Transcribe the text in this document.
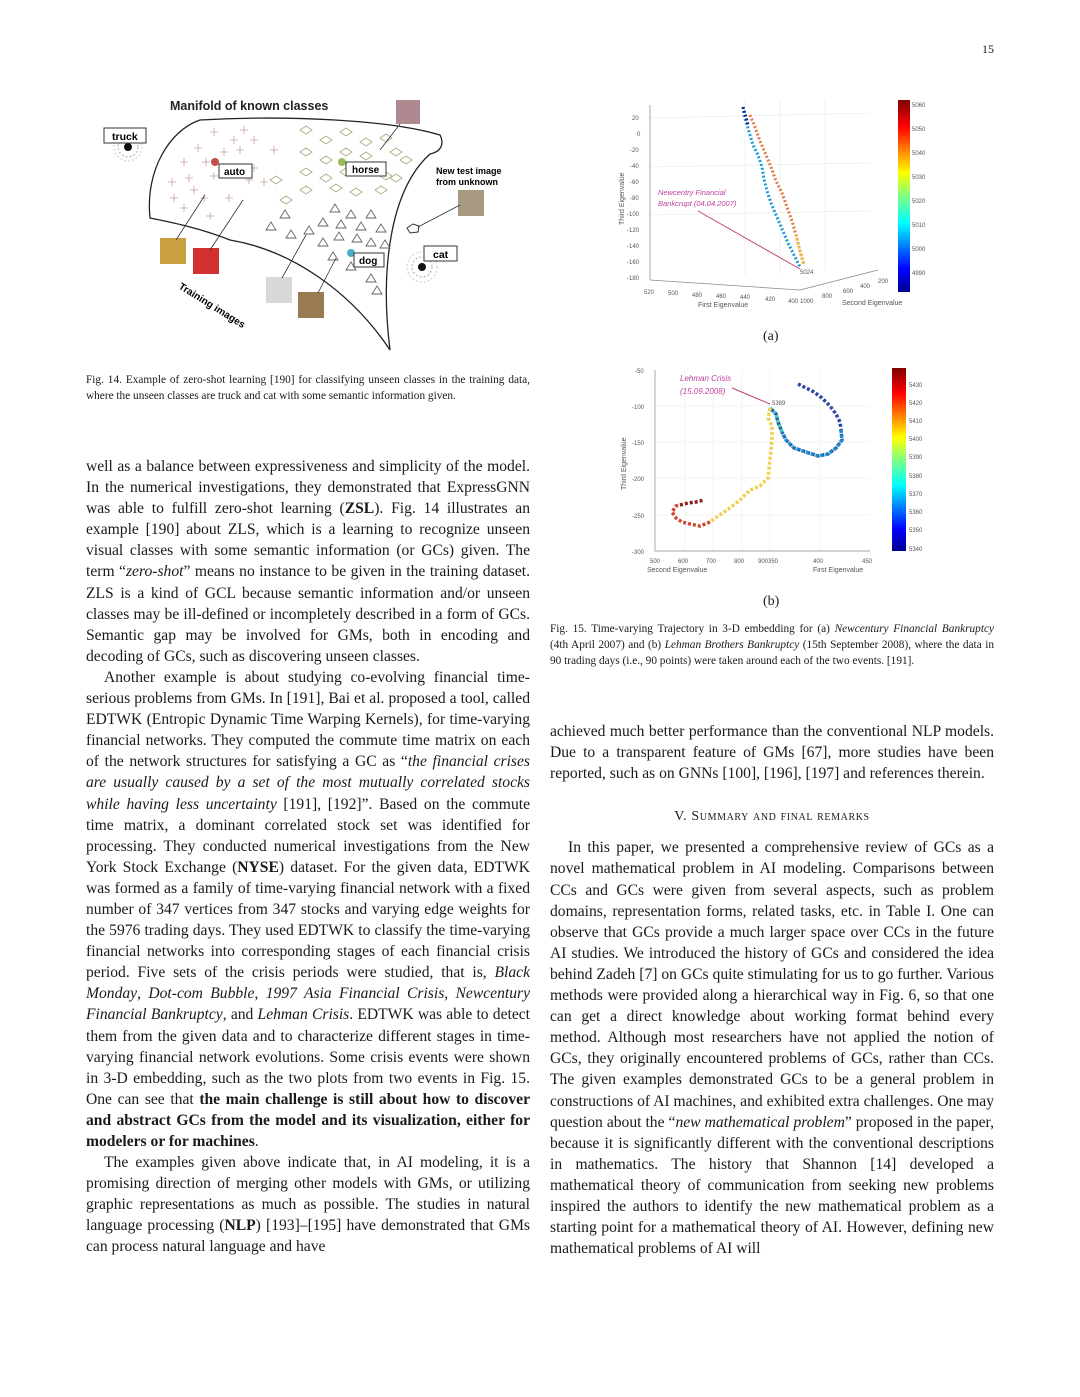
15
Manifold of known classes
truck
cat
auto	horse
dog
New test image
from unknown
Training images
Fig. 14. Example of zero-shot learning [190] for classifying unseen classes in the training data, where the unseen classes are truck and cat with some semantic information given.
20
0
-20
-40
-60
-80
-100
-120
-140
-160
-180
Third Eigenvalue
520 500 480 460 440 420 400
First Eigenvalue	1000
800
600
400
200
Second Eigenvalue
5024
Newcentry Financial
Bankcrupt (04.04.2007)
5060
5050
5040
5030
5020
5010
5000
4990
(a)
-50
-100
-150
-200
-250
-300
Third Eigenvalue
500	600	700	800 900350	400	450
Second Eigenvalue	First Eigenvalue
5389
Lehman Crisis
(15.09.2008)
5430
5420
5410
5400
5390
5380
5370
5360
5350
5340
(b)
Fig. 15. Time-varying Trajectory in 3-D embedding for (a) Newcentury Financial Bankruptcy (4th April 2007) and (b) Lehman Brothers Bankruptcy (15th September 2008), where the data in 90 trading days (i.e., 90 points) were taken around each of the two events. [191].

well as a balance between expressiveness and simplicity of the model. In the numerical investigations, they demonstrated that ExpressGNN was able to fulfill zero-shot learning (ZSL). Fig. 14 illustrates an example [190] about ZLS, which is a learning to recognize unseen visual classes with some semantic information (or GCs) given. The term “zero-shot” means no instance to be given in the training dataset. ZLS is a kind of GCL because semantic information and/or unseen classes may be ill-defined or incompletely described in a form of GCs. Semantic gap may be involved for GMs, both in encoding and decoding of GCs, such as discovering unseen classes.

Another example is about studying co-evolving financial time-serious problems from GMs. In [191], Bai et al. proposed a tool, called EDTWK (Entropic Dynamic Time Warping Kernels), for time-varying financial networks. They computed the commute time matrix on each of the network structures for satisfying a GC as “the financial crises are usually caused by a set of the most mutually correlated stocks while having less uncertainty [191], [192]”. Based on the commute time matrix, a dominant correlated stock set was identified for processing. They conducted numerical investigations from the New York Stock Exchange (NYSE) dataset. For the given data, EDTWK was formed as a family of time-varying financial network with a fixed number of 347 vertices from 347 stocks and varying edge weights for the 5976 trading days. They used EDTWK to classify the time-varying financial networks into corresponding stages of each financial crisis period. Five sets of the crisis periods were studied, that is, Black Monday, Dot-com Bubble, 1997 Asia Financial Crisis, Newcentury Financial Bankruptcy, and Lehman Crisis. EDTWK was able to detect them from the given data and to characterize different stages in time-varying financial network evolutions. Some crisis events were shown in 3-D embedding, such as the two plots from two events in Fig. 15. One can see that the main challenge is still about how to discover and abstract GCs from the model and its visualization, either for modelers or for machines.

The examples given above indicate that, in AI modeling, it is a promising direction of merging other models with GMs, or utilizing graphic representations as much as possible. The studies in natural language processing (NLP) [193]–[195] have demonstrated that GMs can process natural language and have

achieved much better performance than the conventional NLP models. Due to a transparent feature of GMs [67], more studies have been reported, such as on GNNs [100], [196], [197] and references therein.

V. Summary and final remarks

In this paper, we presented a comprehensive review of GCs as a novel mathematical problem in AI modeling. Comparisons between CCs and GCs were given from several aspects, such as problem domains, representation forms, related tasks, etc. in Table I. One can observe that GCs provide a much larger space over CCs in the future AI studies. We introduced the history of GCs and considered the idea behind Zadeh [7] on GCs quite stimulating for us to go further. Various methods were provided along a hierarchical way in Fig. 6, so that one can get a direct knowledge about working format behind every method. Although most researchers have not applied the notion of GCs, they originally encountered problems of GCs, rather than CCs. The given examples demonstrated GCs to be a general problem in constructions of AI machines, and exhibited extra challenges. One may question about the “new mathematical problem” proposed in the paper, because it is significantly different with the conventional descriptions in mathematics. The history that Shannon [14] developed a mathematical theory of communication from seeking new problems inspired the authors to identify the new mathematical problem as a starting point for a mathematical theory of AI. However, defining new mathematical problems of AI will
